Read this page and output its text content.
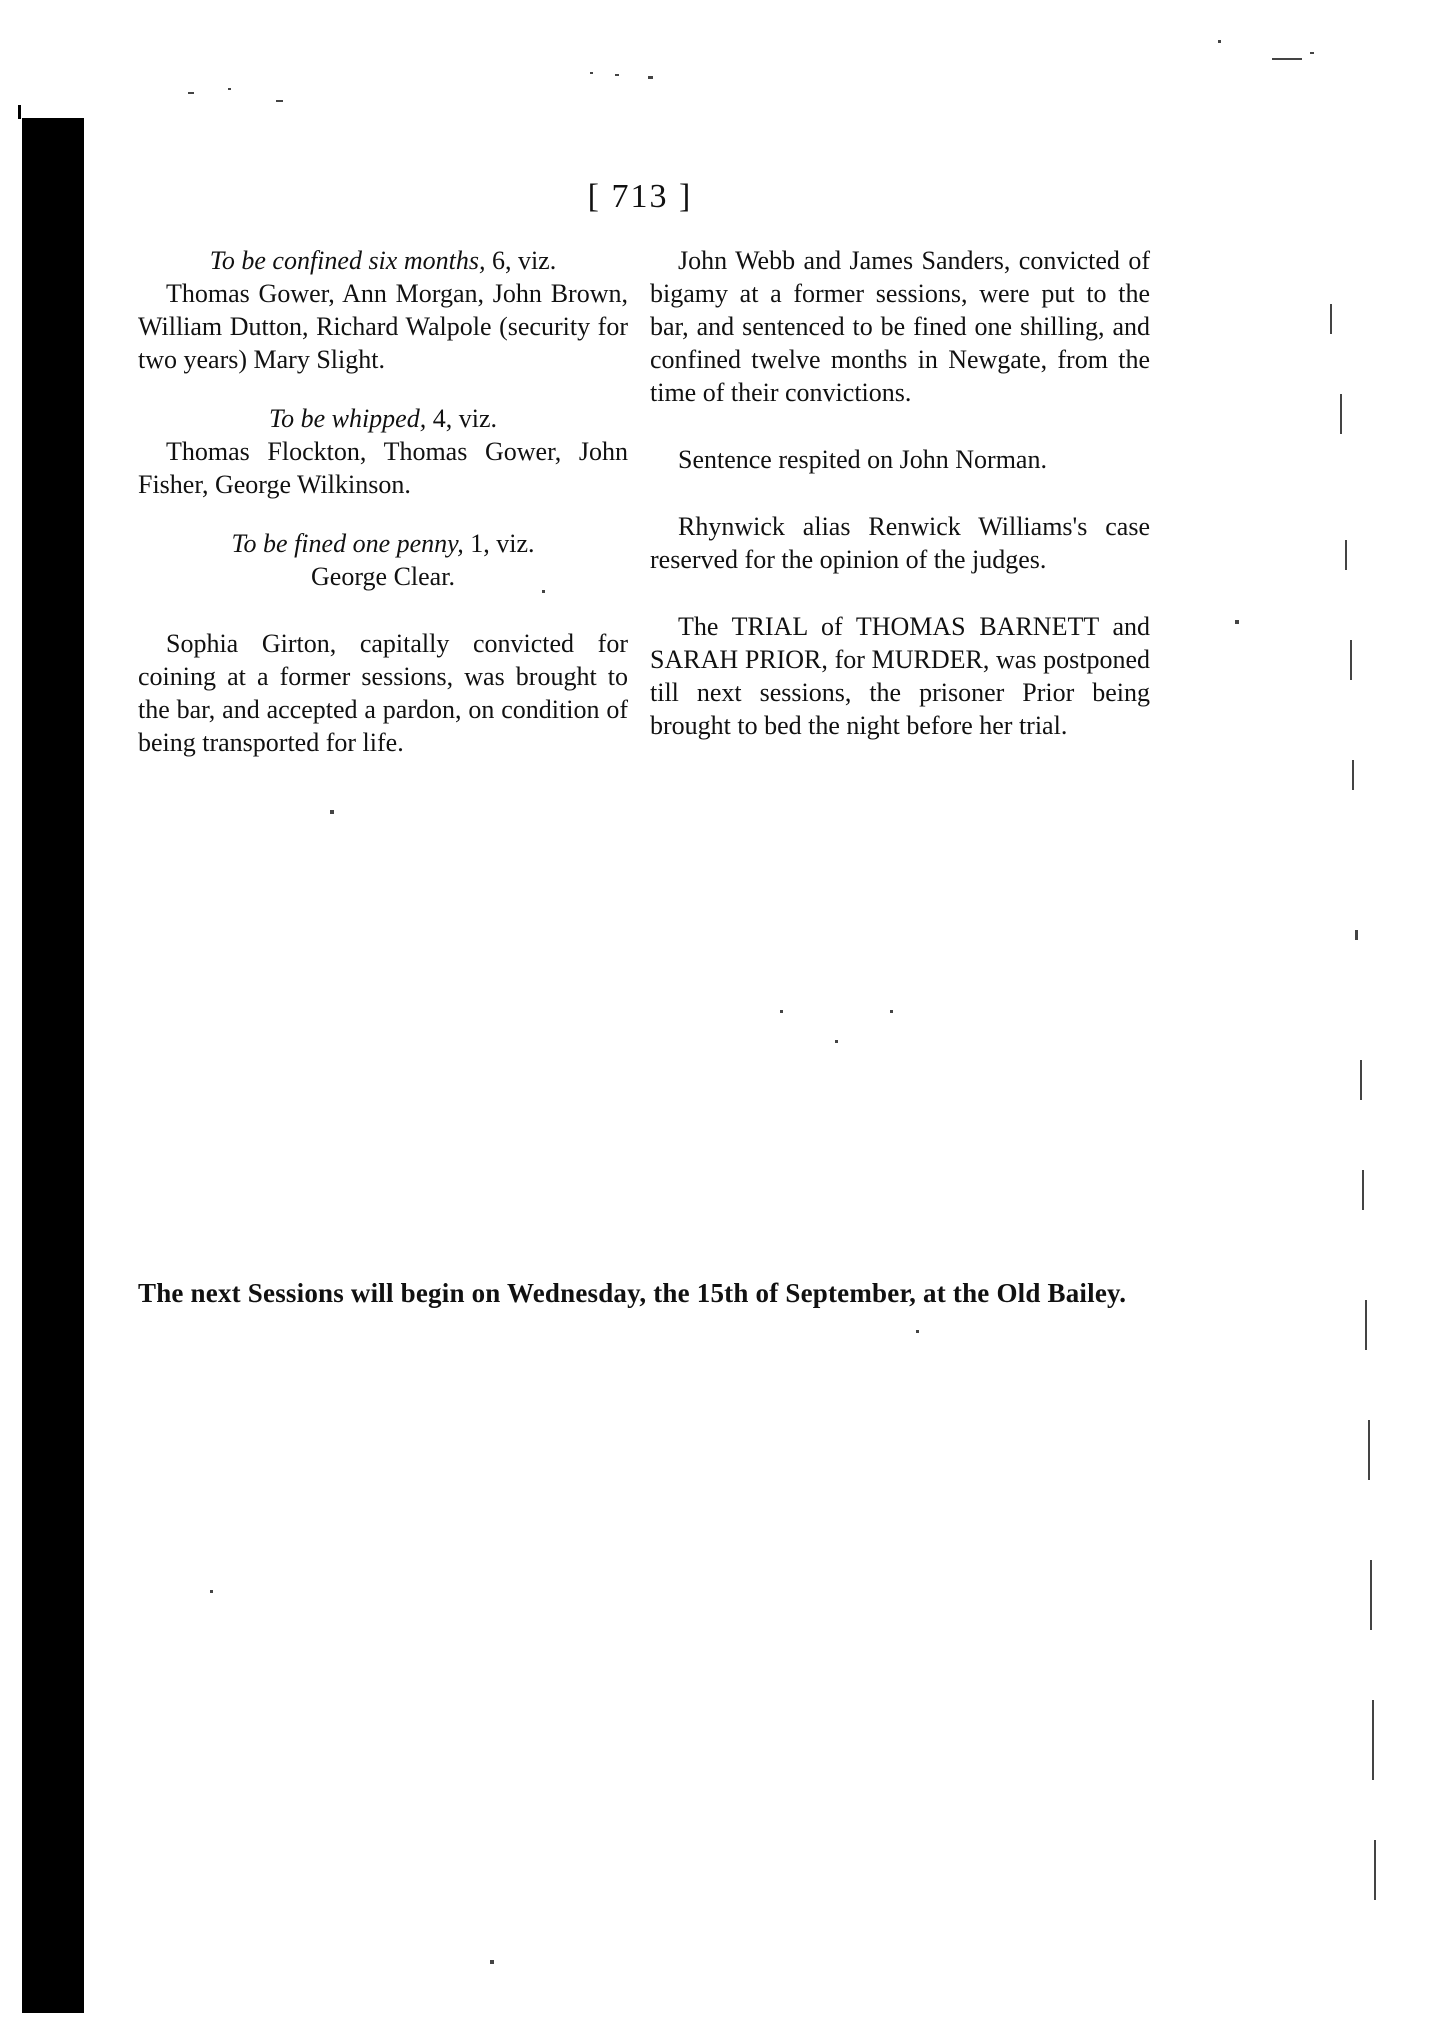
[ 713 ]

To be confined six months, 6, viz.

Thomas Gower, Ann Morgan, John Brown, William Dutton, Richard Walpole (security for two years) Mary Slight.

To be whipped, 4, viz.

Thomas Flockton, Thomas Gower, John Fisher, George Wilkinson.

To be fined one penny, 1, viz.

George Clear.

Sophia Girton, capitally convicted for coining at a former sessions, was brought to the bar, and accepted a pardon, on condition of being transported for life.

John Webb and James Sanders, convicted of bigamy at a former sessions, were put to the bar, and sentenced to be fined one shilling, and confined twelve months in Newgate, from the time of their convictions.

Sentence respited on John Norman.

Rhynwick alias Renwick Williams's case reserved for the opinion of the judges.

The TRIAL of THOMAS BARNETT and SARAH PRIOR, for MURDER, was postponed till next sessions, the prisoner Prior being brought to bed the night before her trial.

The next Sessions will begin on Wednesday, the 15th of September, at the Old Bailey.
